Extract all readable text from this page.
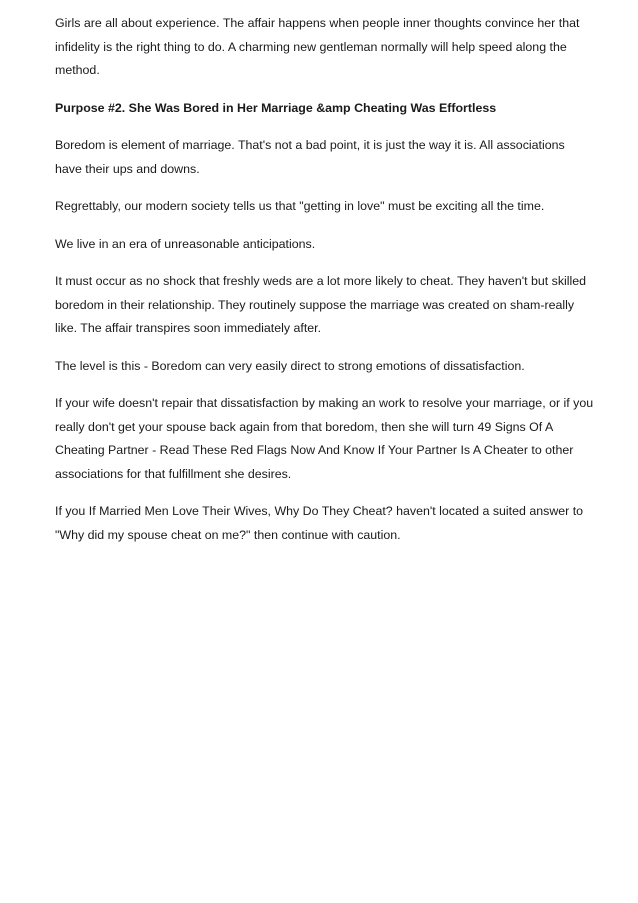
Girls are all about experience. The affair happens when people inner thoughts convince her that infidelity is the right thing to do. A charming new gentleman normally will help speed along the method.

Purpose #2. She Was Bored in Her Marriage &amp Cheating Was Effortless

Boredom is element of marriage. That's not a bad point, it is just the way it is. All associations have their ups and downs.

Regrettably, our modern society tells us that "getting in love" must be exciting all the time.

We live in an era of unreasonable anticipations.

It must occur as no shock that freshly weds are a lot more likely to cheat. They haven't but skilled boredom in their relationship. They routinely suppose the marriage was created on sham-really like. The affair transpires soon immediately after.

The level is this - Boredom can very easily direct to strong emotions of dissatisfaction.

If your wife doesn't repair that dissatisfaction by making an work to resolve your marriage, or if you really don't get your spouse back again from that boredom, then she will turn 49 Signs Of A Cheating Partner - Read These Red Flags Now And Know If Your Partner Is A Cheater to other associations for that fulfillment she desires.

If you If Married Men Love Their Wives, Why Do They Cheat? haven't located a suited answer to "Why did my spouse cheat on me?" then continue with caution.
